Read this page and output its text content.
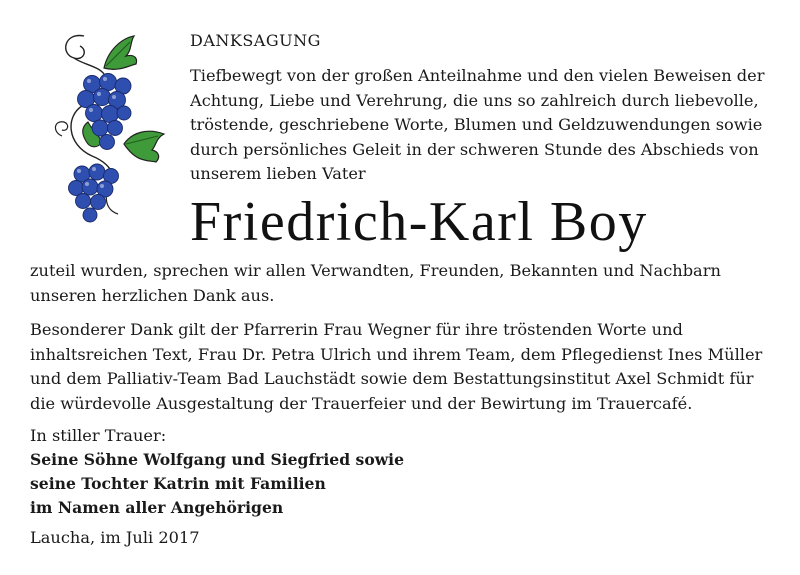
DANKSAGUNG
Tiefbewegt von der großen Anteilnahme und den vielen Beweisen der Achtung, Liebe und Verehrung, die uns so zahlreich durch liebevolle, tröstende, geschriebene Worte, Blumen und Geldzuwendungen sowie durch persönliches Geleit in der schweren Stunde des Abschieds von unserem lieben Vater
Friedrich-Karl Boy

zuteil wurden, sprechen wir allen Verwandten, Freunden, Bekannten und Nachbarn unseren herzlichen Dank aus.

Besonderer Dank gilt der Pfarrerin Frau Wegner für ihre tröstenden Worte und inhaltsreichen Text, Frau Dr. Petra Ulrich und ihrem Team, dem Pflegedienst Ines Müller und dem Palliativ-Team Bad Lauchstädt sowie dem Bestattungsinstitut Axel Schmidt für die würdevolle Ausgestaltung der Trauerfeier und der Bewirtung im Trauercafé.

In stiller Trauer:
Seine Söhne Wolfgang und Siegfried sowie
seine Tochter Katrin mit Familien
im Namen aller Angehörigen
Laucha, im Juli 2017
